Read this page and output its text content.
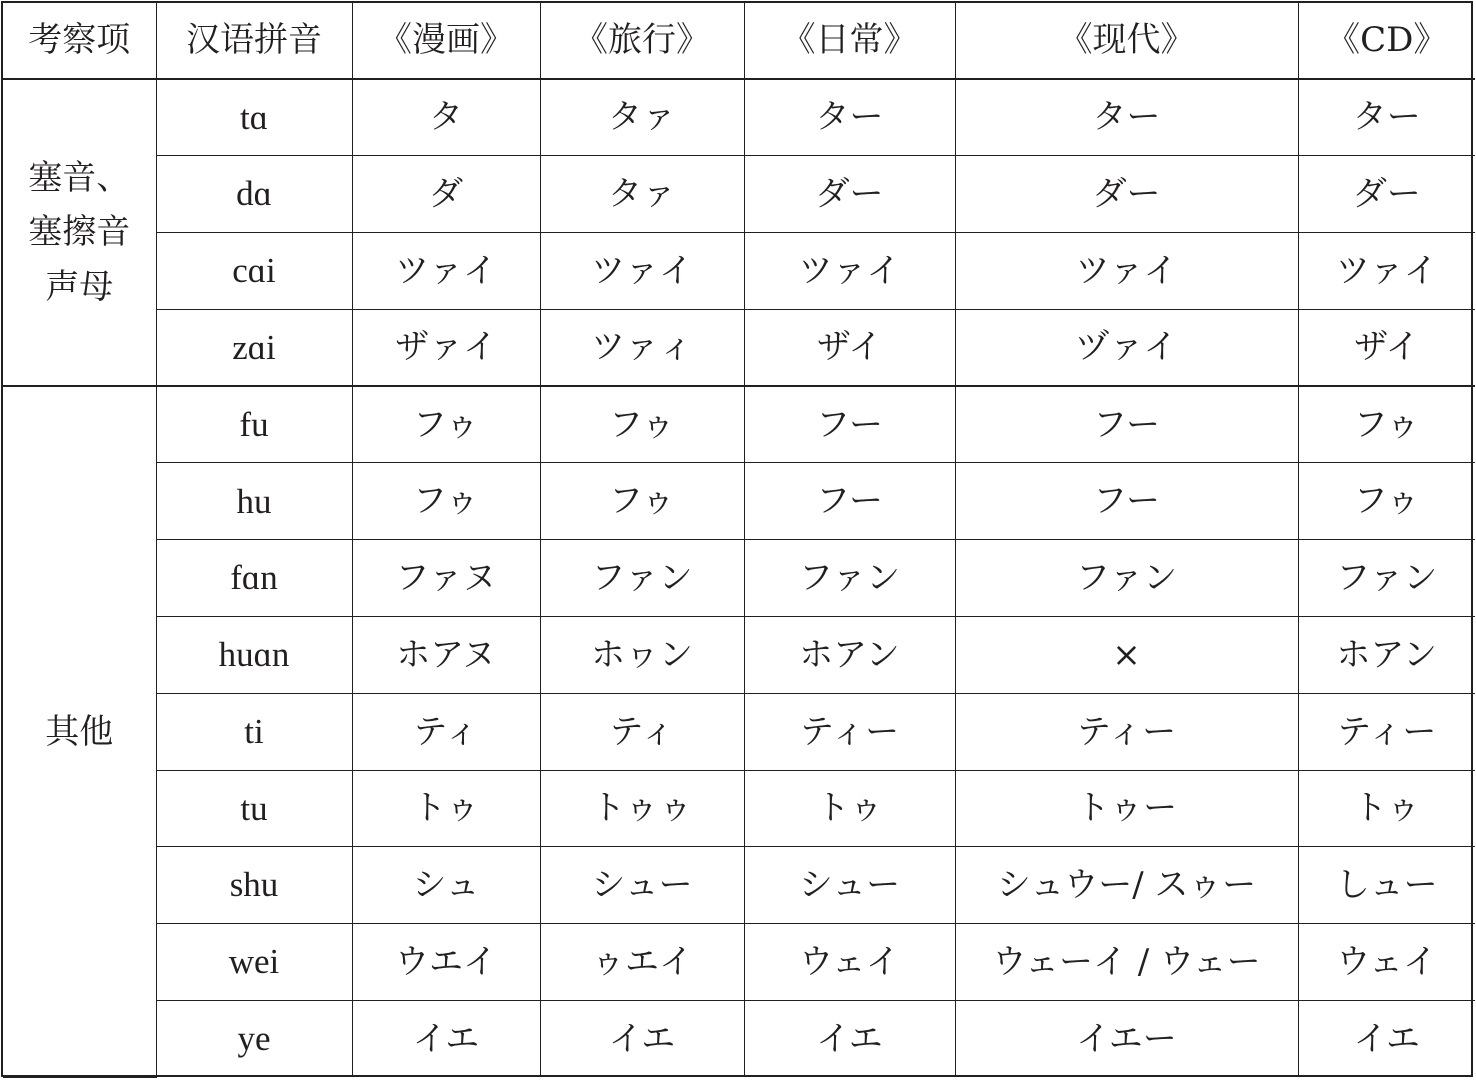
考察项	汉语拼音	《漫画》	《旅行》	《日常》	《现代》	《CD》
塞音、塞擦音声母	tɑ	タ	タァ	ター	ター	ター
	dɑ	ダ	タァ	ダー	ダー	ダー
	cɑi	ツァイ	ツァイ	ツァイ	ツァイ	ツァイ
	zɑi	ザァイ	ツァィ	ザイ	ヅァイ	ザイ
其他	fu	フゥ	フゥ	フー	フー	フゥ
	hu	フゥ	フゥ	フー	フー	フゥ
	fɑn	ファヌ	ファン	ファン	ファン	ファン
	huɑn	ホアヌ	ホヮン	ホアン	×	ホアン
	ti	ティ	ティ	ティー	ティー	ティー
	tu	トゥ	トゥゥ	トゥ	トゥー	トゥ
	shu	シュ	シュー	シュー	シュウー/ スゥー	しュー
	wei	ウエイ	ゥエイ	ウェイ	ウェーイ / ウェー	ウェイ
	ye	イエ	イエ	イエ	イエー	イエ
